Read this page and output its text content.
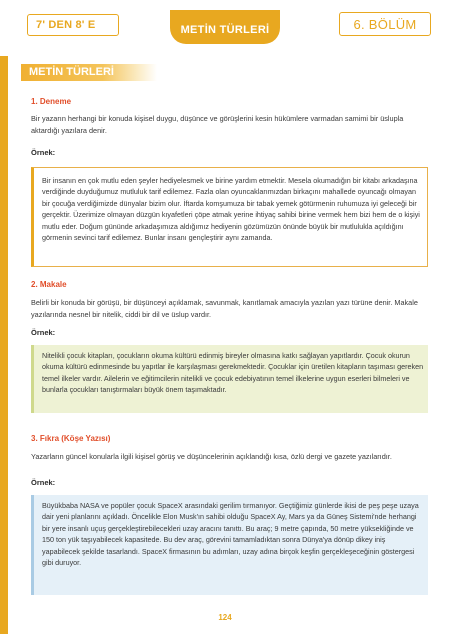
7' DEN 8' E	METİN TÜRLERİ	6. BÖLÜM
METİN TÜRLERİ
1. Deneme
Bir yazarın herhangi bir konuda kişisel duygu, düşünce ve görüşlerini kesin hükümlere varmadan samimi bir üslupla aktardığı yazılara denir.
Örnek:

Bir insanın en çok mutlu eden şeyler hediyelesmek ve birine yardım etmektir. Mesela okumadığın bir kitabı arkadaşına verdiğinde duyduğumuz mutluluk tarif edilemez. Fazla olan oyuncaklarımızdan birkaçını mahallede oyuncağı olmayan bir çocuğa verdiğimizde dünyalar bizim olur. İftarda komşumuza bir tabak yemek götürmenin ruhumuza iyi geleceği bir gerçektir. Üzerimize olmayan düzgün kıyafetleri çöpe atmak yerine ihtiyaç sahibi birine vermek hem bizi hem de o kişiyi mutlu eder. Doğum gününde arkadaşımıza aldığımız hediyenin gözümüzün önünde büyük bir mutlulukla açıldığını görmenin sevinci tarif edilemez. Bunlar insanı gençleştirir aynı zamanda.

2. Makale
Belirli bir konuda bir görüşü, bir düşünceyi açıklamak, savunmak, kanıtlamak amacıyla yazılan yazı türüne denir. Makale yazılarında nesnel bir nitelik, ciddi bir dil ve üslup vardır.
Örnek:

Nitelikli çocuk kitapları, çocukların okuma kültürü edinmiş bireyler olmasına katkı sağlayan yapıtlardır. Çocuk okurun okuma kültürü edinmesinde bu yapıtlar ile karşılaşması gerekmektedir. Çocuklar için üretilen kitapların taşıması gereken temel ilkeler vardır. Ailelerin ve eğitimcilerin nitelikli ve çocuk edebiyatının temel ilkelerine uygun eserleri bilmeleri ve bunlarla çocukları tanıştırmaları büyük önem taşımaktadır.

3. Fıkra (Köşe Yazısı)
Yazarların güncel konularla ilgili kişisel görüş ve düşüncelerinin açıklandığı kısa, özlü dergi ve gazete yazılarıdır.
Örnek:

Büyükbaba NASA ve popüler çocuk SpaceX arasındaki gerilim tırmanıyor. Geçtiğimiz günlerde ikisi de peş peşe uzaya dair yeni planlarını açıkladı. Öncelikle Elon Musk'ın sahibi olduğu SpaceX Ay, Mars ya da Güneş Sistemi'nde herhangi bir yere insanlı uçuş gerçekleştirebilecekleri uzay aracını tanıttı. Bu araç; 9 metre çapında, 50 metre yüksekliğinde ve 150 ton yük taşıyabilecek kapasitede. Bu dev araç, görevini tamamladıktan sonra Dünya'ya dönüp dikey iniş yapabilecek şekilde tasarlandı. SpaceX firmasının bu adımları, uzay adına birçok keşfin gerçekleşeceğinin göstergesi gibi duruyor.

124
